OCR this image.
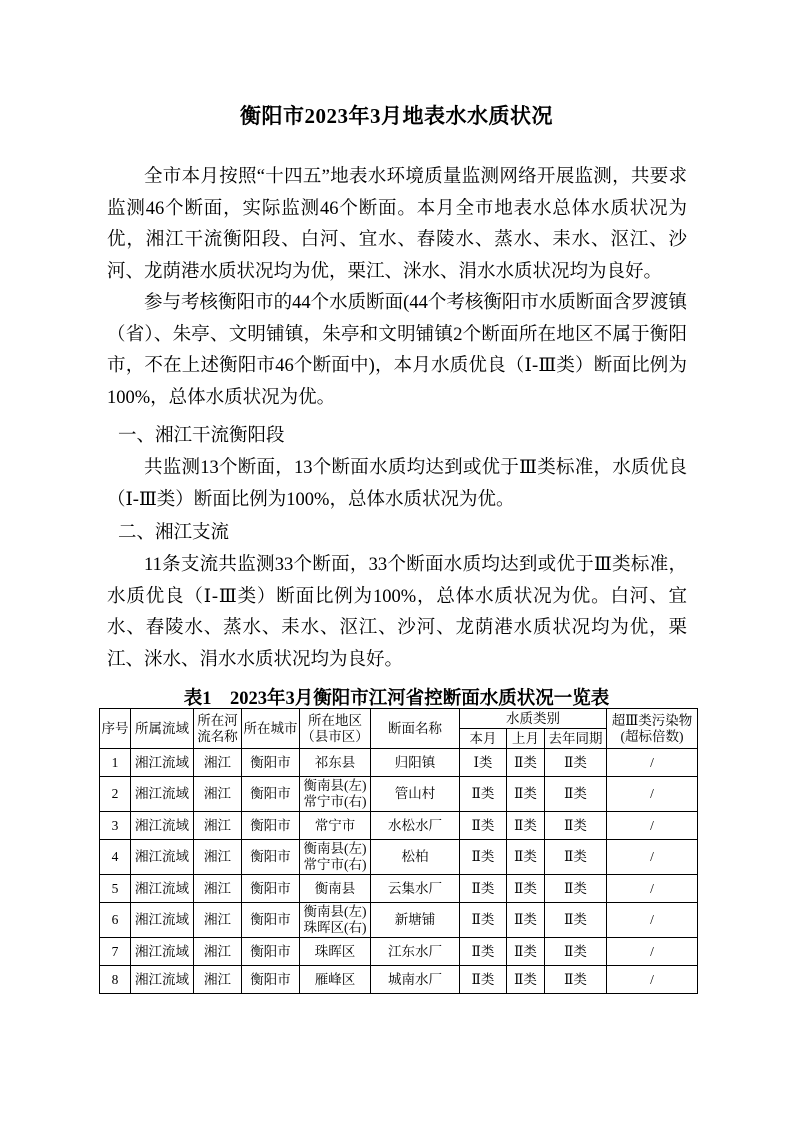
衡阳市2023年3月地表水水质状况

全市本月按照“十四五”地表水环境质量监测网络开展监测，共要求监测46个断面，实际监测46个断面。本月全市地表水总体水质状况为优，湘江干流衡阳段、白河、宜水、舂陵水、蒸水、耒水、沤江、沙河、龙荫港水质状况均为优，栗江、洣水、涓水水质状况均为良好。

参与考核衡阳市的44个水质断面(44个考核衡阳市水质断面含罗渡镇（省）、朱亭、文明铺镇，朱亭和文明铺镇2个断面所在地区不属于衡阳市，不在上述衡阳市46个断面中)，本月水质优良（Ⅰ-Ⅲ类）断面比例为100%，总体水质状况为优。

一、湘江干流衡阳段

共监测13个断面，13个断面水质均达到或优于Ⅲ类标准，水质优良（Ⅰ-Ⅲ类）断面比例为100%，总体水质状况为优。

二、湘江支流

11条支流共监测33个断面，33个断面水质均达到或优于Ⅲ类标准，水质优良（Ⅰ-Ⅲ类）断面比例为100%，总体水质状况为优。白河、宜水、舂陵水、蒸水、耒水、沤江、沙河、龙荫港水质状况均为优，栗江、洣水、涓水水质状况均为良好。

表1　2023年3月衡阳市江河省控断面水质状况一览表
序号	所属流域	所在河流名称	所在城市	所在地区（县市区）	断面名称	水质类别			超Ⅲ类污染物(超标倍数)
						本月	上月	去年同期	
1	湘江流域	湘江	衡阳市	祁东县	归阳镇	Ⅰ类	Ⅱ类	Ⅱ类	/
2	湘江流域	湘江	衡阳市	衡南县(左)常宁市(右)	管山村	Ⅱ类	Ⅱ类	Ⅱ类	/
3	湘江流域	湘江	衡阳市	常宁市	水松水厂	Ⅱ类	Ⅱ类	Ⅱ类	/
4	湘江流域	湘江	衡阳市	衡南县(左)常宁市(右)	松柏	Ⅱ类	Ⅱ类	Ⅱ类	/
5	湘江流域	湘江	衡阳市	衡南县	云集水厂	Ⅱ类	Ⅱ类	Ⅱ类	/
6	湘江流域	湘江	衡阳市	衡南县(左)珠晖区(右)	新塘铺	Ⅱ类	Ⅱ类	Ⅱ类	/
7	湘江流域	湘江	衡阳市	珠晖区	江东水厂	Ⅱ类	Ⅱ类	Ⅱ类	/
8	湘江流域	湘江	衡阳市	雁峰区	城南水厂	Ⅱ类	Ⅱ类	Ⅱ类	/
